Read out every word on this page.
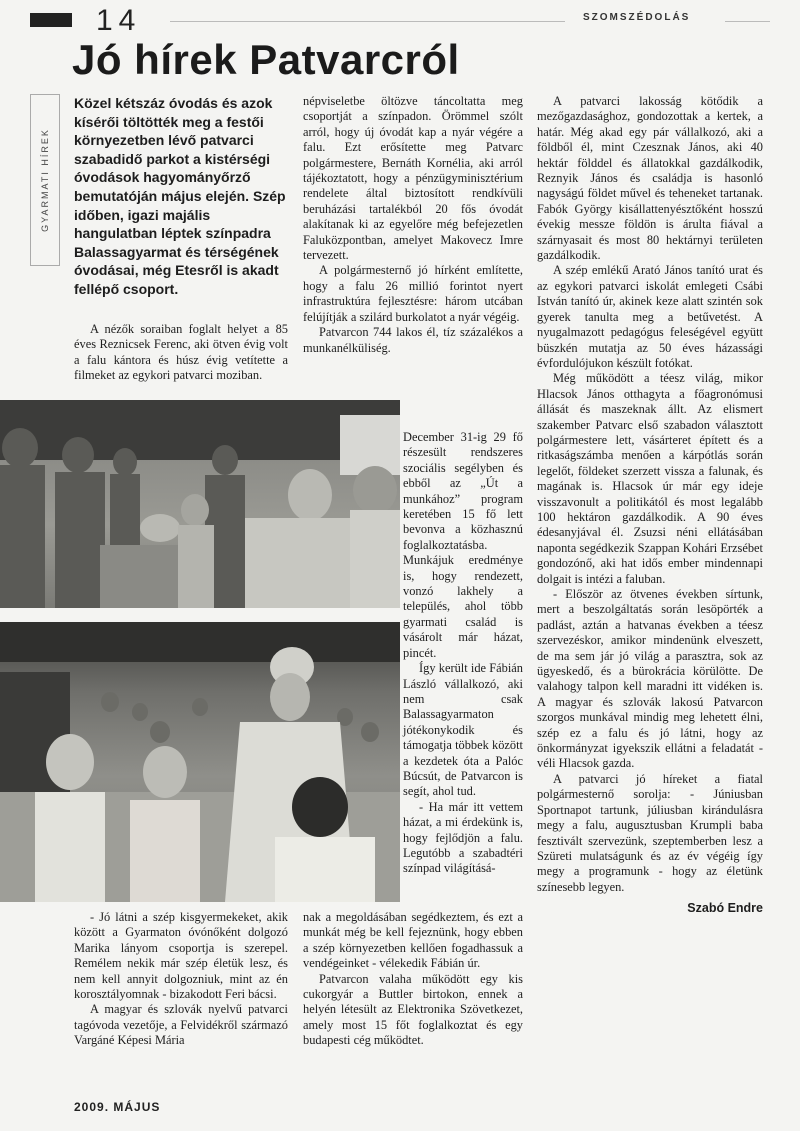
14	SZOMSZÉDOLÁS
Jó hírek Patvarcról
GYARMATI HÍREK
Közel kétszáz óvodás és azok kísérői töltötték meg a festői környezetben lévő patvarci szabadidő parkot a kistérségi óvodások hagyományőrző bemutatóján május elején. Szép időben, igazi majális hangulatban léptek színpadra Balassagyarmat és térségének óvodásai, még Etesről is akadt fellépő csoport.

A nézők soraiban foglalt helyet a 85 éves Reznicsek Ferenc, aki ötven évig volt a falu kántora és húsz évig vetítette a filmeket az egykori patvarci moziban.

népviseletbe öltözve táncoltatta meg csoportját a színpadon. Örömmel szólt arról, hogy új óvodát kap a nyár végére a falu. Ezt erősítette meg Patvarc polgármestere, Bernáth Kornélia, aki arról tájékoztatott, hogy a pénzügyminisztérium rendelete által biztosított rendkívüli beruházási tartalékból 20 fős óvodát alakítanak ki az egyelőre még befejezetlen Faluközpontban, amelyet Makovecz Imre tervezett.

A polgármesternő jó hírként említette, hogy a falu 26 millió forintot nyert infrastruktúra fejlesztésre: három utcában felújítják a szilárd burkolatot a nyár végéig.

Patvarcon 744 lakos él, tíz százalékos a munkanélküliség.

December 31-ig 29 fő részesült rendszeres szociális segélyben és ebből az „Út a munkához” program keretében 15 fő lett bevonva a közhasznú foglalkoztatásba. Munkájuk eredménye is, hogy rendezett, vonzó lakhely a település, ahol több gyarmati család is vásárolt már házat, pincét.

Így került ide Fábián László vállalkozó, aki nem csak Balassagyarmaton jótékonykodik és támogatja többek között a kezdetek óta a Palóc Búcsút, de Patvarcon is segít, ahol tud.

- Ha már itt vettem házat, a mi érdekünk is, hogy fejlődjön a falu. Legutóbb a szabadtéri színpad világításá-

- Jó látni a szép kisgyermekeket, akik között a Gyarmaton óvónőként dolgozó Marika lányom csoportja is szerepel. Remélem nekik már szép életük lesz, és nem kell annyit dolgozniuk, mint az én korosztályomnak - bizakodott Feri bácsi.

A magyar és szlovák nyelvű patvarci tagóvoda vezetője, a Felvidékről származó Vargáné Képesi Mária

nak a megoldásában segédkeztem, és ezt a munkát még be kell fejeznünk, hogy ebben a szép környezetben kellően fogadhassuk a vendégeinket - vélekedik Fábián úr.

Patvarcon valaha működött egy kis cukorgyár a Buttler birtokon, ennek a helyén létesült az Elektronika Szövetkezet, amely most 15 főt foglalkoztat és egy budapesti cég működtet.

A patvarci lakosság kötődik a mezőgazdasághoz, gondozottak a kertek, a határ. Még akad egy pár vállalkozó, aki a földből él, mint Czesznak János, aki 40 hektár földdel és állatokkal gazdálkodik, Reznyik János és családja is hasonló nagyságú földet művel és teheneket tartanak. Fabók György kisállattenyésztőként hosszú évekig messze földön is árulta fiával a szárnyasait és most 80 hektárnyi területen gazdálkodik.

A szép emlékű Arató János tanító urat és az egykori patvarci iskolát emlegeti Csábi István tanító úr, akinek keze alatt szintén sok gyerek tanulta meg a betűvetést. A nyugalmazott pedagógus feleségével együtt büszkén mutatja az 50 éves házassági évfordulójukon készült fotókat.

Még működött a téesz világ, mikor Hlacsok János otthagyta a főagronómusi állását és maszeknak állt. Az elismert szakember Patvarc első szabadon választott polgármestere lett, vásárteret épített és a ritkaságszámba menően a kárpótlás során legelőt, földeket szerzett vissza a falunak, és magának is. Hlacsok úr már egy ideje visszavonult a politikától és most legalább 100 hektáron gazdálkodik. A 90 éves édesanyjával él. Zsuzsi néni ellátásában naponta segédkezik Szappan Kohári Erzsébet gondozónő, aki hat idős ember mindennapi dolgait is intézi a faluban.

- Először az ötvenes években sírtunk, mert a beszolgáltatás során lesöpörték a padlást, aztán a hatvanas években a téesz szervezéskor, amikor mindenünk elveszett, de ma sem jár jó világ a parasztra, sok az ügyeskedő, és a bürokrácia körülötte. De valahogy talpon kell maradni itt vidéken is. A magyar és szlovák lakosú Patvarcon szorgos munkával mindig meg lehetett élni, szép ez a falu és jó látni, hogy az önkormányzat igyekszik ellátni a feladatát - véli Hlacsok gazda.

A patvarci jó híreket a fiatal polgármesternő sorolja: - Júniusban Sportnapot tartunk, júliusban kirándulásra megy a falu, augusztusban Krumpli baba fesztivált szervezünk, szeptemberben lesz a Szüreti mulatságunk és az év végéig így megy a programunk - hogy az életünk színesebb legyen.

Szabó Endre
2009. MÁJUS
